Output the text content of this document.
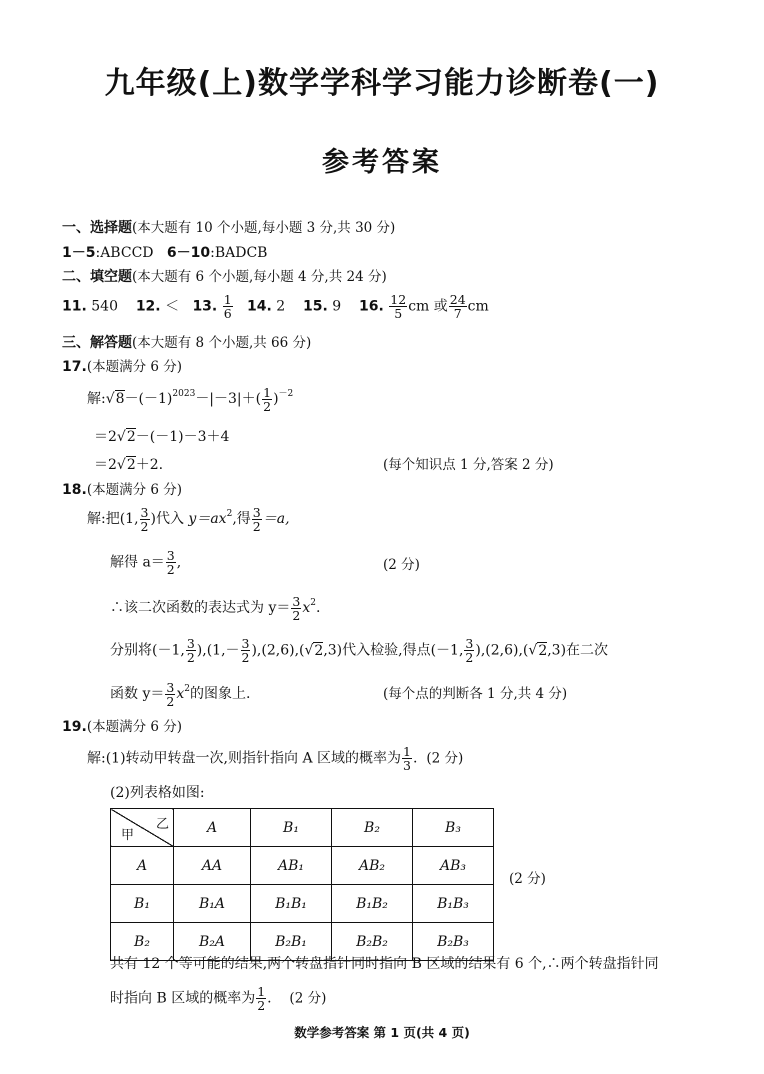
九年级(上)数学学科学习能力诊断卷(一)
参考答案
一、选择题(本大题有 10 个小题,每小题 3 分,共 30 分)
1－5:ABCCD 6－10:BADCB
二、填空题(本大题有 6 个小题,每小题 4 分,共 24 分)
11. 540 12. ＜ 13. $\frac{1}{6} 14$. 2 15. 9 16. $\frac{12}{5}$ cm 或 $\frac{24}{7}$ cm
三、解答题(本大题有 8 个小题,共 66 分)
17.(本题满分 6 分)
解$:√8-(-1)^{2023}-|-3|+( \frac{1}{2} )^{-2}$
＝2√2－(－1)－3＋4
＝2√2＋2.	(每个知识点 1 分,答案 2 分)
18.(本题满分 6 分)
解:把(1, $\frac{3}{2}$ )代入 $y=ax^2$,得 $\frac{3}{2} =a$,
解得 $a= \frac{3}{2}$ ,	(2 分)
∴该二次函数的表达式为 $y= \frac{3}{2} x^2$.
分别将(－1, $\frac{3}{2} ),(1,- \frac{3}{2} ),(2,6),(√2,3)$代入检验,得点(－1, $\frac{3}{2} ),(2,6),(√2,3)$在二次
函数 $y= \frac{3}{2} x^2$的图象上.	(每个点的判断各 1 分,共 4 分)
19.(本题满分 6 分)
解:(1)转动甲转盘一次,则指针指向 A 区域的概率为 $\frac{1}{3}$ . (2 分)
(2)列表格如图:
乙
甲	A	B₁	B₂	B₃
A	AA	AB₁	AB₂	AB₃
B₁	B₁A	B₁B₁	B₁B₂	B₁B₃
B₂	B₂A	B₂B₁	B₂B₂	B₂B₃
(2 分)
共有 12 个等可能的结果,两个转盘指针同时指向 B 区域的结果有 6 个,∴两个转盘指针同
时指向 B 区域的概率为 $\frac{1}{2}$ . (2 分)
数学参考答案 第 1 页(共 4 页)
